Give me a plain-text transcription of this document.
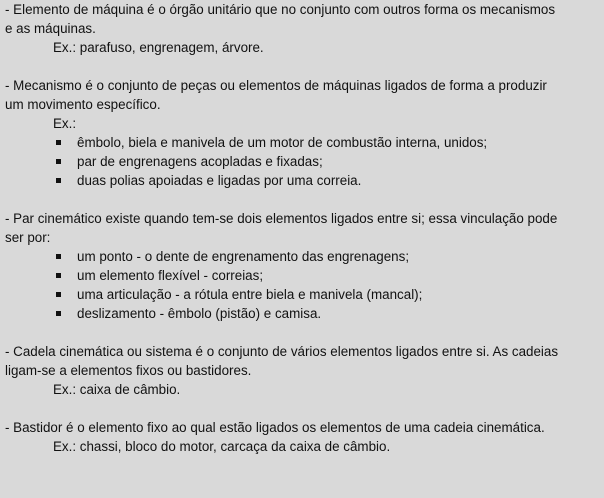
- Elemento de máquina é o órgão unitário que no conjunto com outros forma os mecanismos
e as máquinas.
Ex.: parafuso, engrenagem, árvore.
- Mecanismo é o conjunto de peças ou elementos de máquinas ligados de forma a produzir
um movimento específico.
Ex.:
êmbolo, biela e manivela de um motor de combustão interna, unidos;
par de engrenagens acopladas e fixadas;
duas polias apoiadas e ligadas por uma correia.
- Par cinemático existe quando tem-se dois elementos ligados entre si; essa vinculação pode
ser por:
um ponto - o dente de engrenamento das engrenagens;
um elemento flexível - correias;
uma articulação - a rótula entre biela e manivela (mancal);
deslizamento - êmbolo (pistão) e camisa.
- Cadela cinemática ou sistema é o conjunto de vários elementos ligados entre si. As cadeias
ligam-se a elementos fixos ou bastidores.
Ex.: caixa de câmbio.
- Bastidor é o elemento fixo ao qual estão ligados os elementos de uma cadeia cinemática.
Ex.: chassi, bloco do motor, carcaça da caixa de câmbio.
